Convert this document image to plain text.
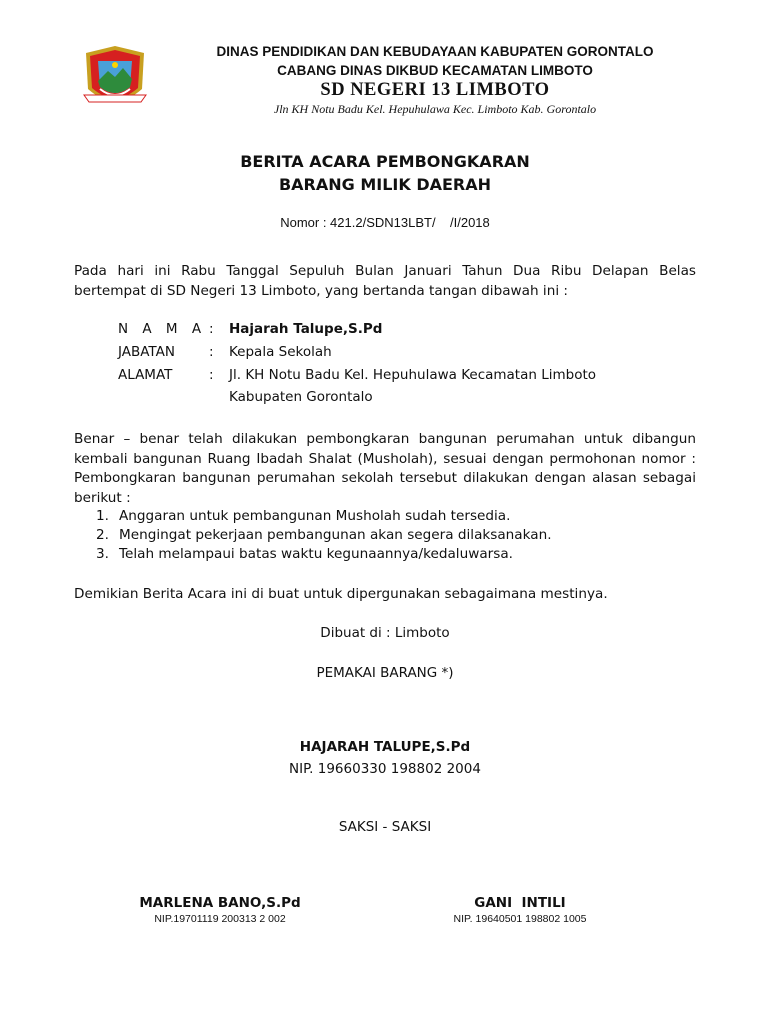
DINAS PENDIDIKAN DAN KEBUDAYAAN KABUPATEN GORONTALO
CABANG DINAS DIKBUD KECAMATAN LIMBOTO
SD NEGERI 13 LIMBOTO
Jln KH Notu Badu Kel. Hepuhulawa Kec. Limboto Kab. Gorontalo
BERITA ACARA PEMBONGKARAN
BARANG MILIK DAERAH
Nomor : 421.2/SDN13LBT/    /I/2018

Pada hari ini Rabu Tanggal Sepuluh Bulan Januari Tahun Dua Ribu Delapan Belas bertempat di SD Negeri 13 Limboto, yang bertanda tangan dibawah ini :

N A M A : Hajarah Talupe,S.Pd
JABATAN	: Kepala Sekolah
ALAMAT	: Jl. KH Notu Badu Kel. Hepuhulawa Kecamatan Limboto
Kabupaten Gorontalo

Benar – benar telah dilakukan pembongkaran bangunan perumahan untuk dibangun kembali bangunan Ruang Ibadah Shalat (Musholah), sesuai dengan permohonan nomor : Pembongkaran bangunan perumahan sekolah tersebut dilakukan dengan alasan sebagai berikut :

1. Anggaran untuk pembangunan Musholah sudah tersedia.
2. Mengingat pekerjaan pembangunan akan segera dilaksanakan.
3. Telah melampaui batas waktu kegunaannya/kedaluwarsa.

Demikian Berita Acara ini di buat untuk dipergunakan sebagaimana mestinya.

Dibuat di : Limboto
PEMAKAI BARANG *)
HAJARAH TALUPE,S.Pd
NIP. 19660330 198802 2004
SAKSI - SAKSI
MARLENA BANO,S.Pd
NIP.19701119 200313 2 002
GANI  INTILI
NIP. 19640501 198802 1005
